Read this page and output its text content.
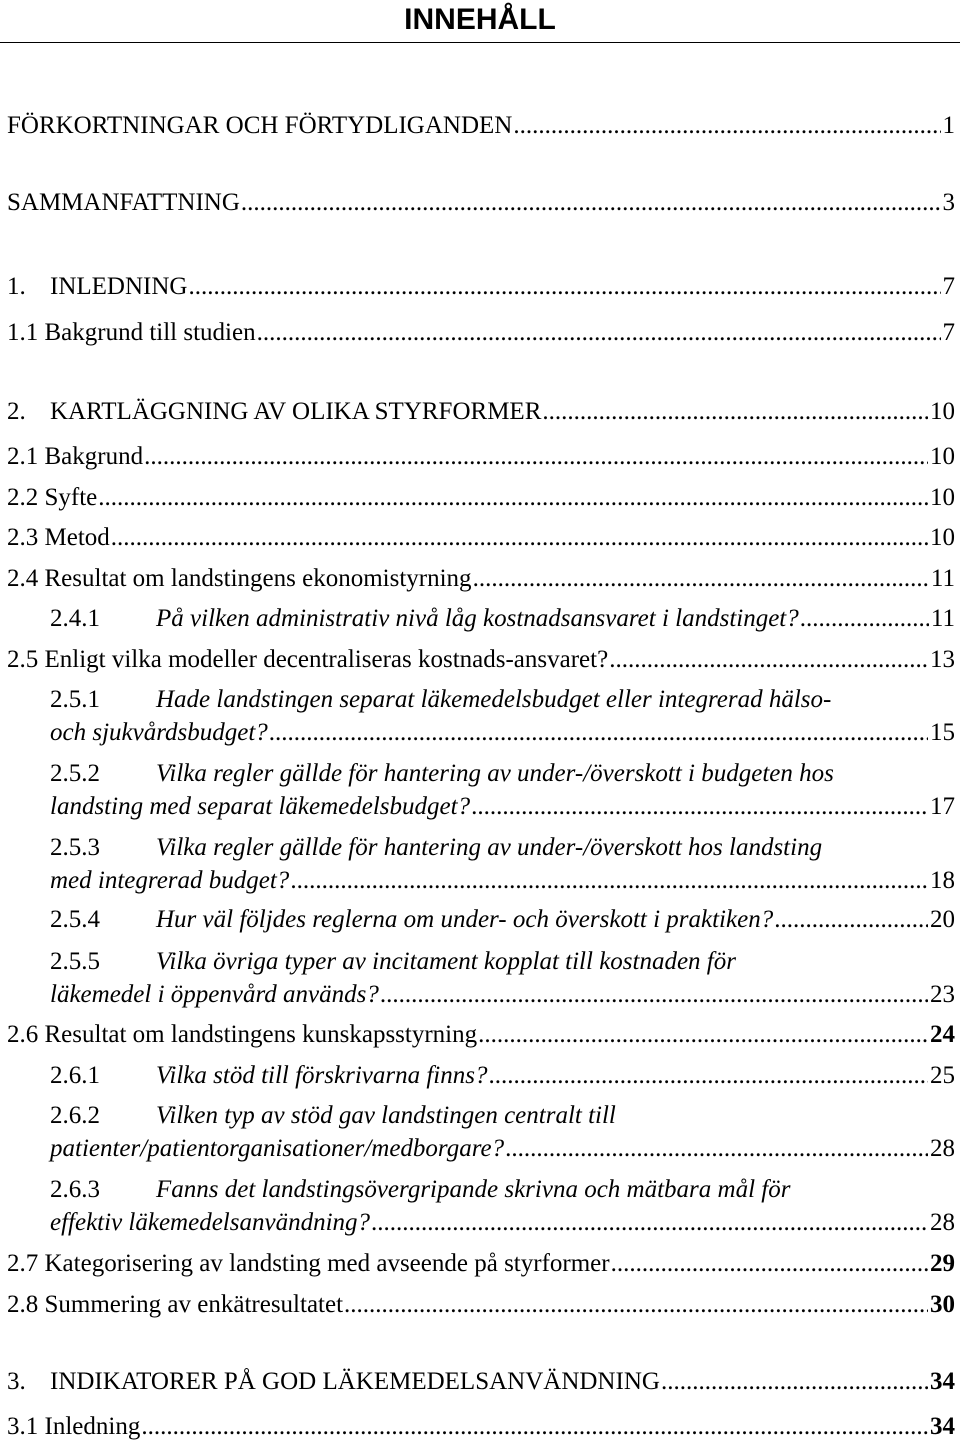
INNEHÅLL
FÖRKORTNINGAR OCH FÖRTYDLIGANDEN .....	1
SAMMANFATTNING .....	3
1. INLEDNING .....	7
1.1 Bakgrund till studien .....	7
2. KARTLÄGGNING AV OLIKA STYRFORMER .....	10
2.1 Bakgrund .....	10
2.2 Syfte .....	10
2.3 Metod .....	10
2.4 Resultat om landstingens ekonomistyrning .....	11
2.4.1	På vilken administrativ nivå låg kostnadsansvaret i landstinget? .....	11
2.5 Enligt vilka modeller decentraliseras kostnads-ansvaret? .....	13
2.5.1	Hade landstingen separat läkemedelsbudget eller integrerad hälso-
och sjukvårdsbudget? .....	15
2.5.2	Vilka regler gällde för hantering av under-/överskott i budgeten hos
landsting med separat läkemedelsbudget? .....	17
2.5.3	Vilka regler gällde för hantering av under-/överskott hos landsting
med integrerad budget? .....	18
2.5.4	Hur väl följdes reglerna om under- och överskott i praktiken? .....	20
2.5.5	Vilka övriga typer av incitament kopplat till kostnaden för
läkemedel i öppenvård används? .....	23
2.6 Resultat om landstingens kunskapsstyrning .....	24
2.6.1	Vilka stöd till förskrivarna finns? .....	25
2.6.2	Vilken typ av stöd gav landstingen centralt till
patienter/patientorganisationer/medborgare? .....	28
2.6.3	Fanns det landstingsövergripande skrivna och mätbara mål för
effektiv läkemedelsanvändning? .....	28
2.7 Kategorisering av landsting med avseende på styrformer .....	29
2.8 Summering av enkätresultatet .....	30
3. INDIKATORER PÅ GOD LÄKEMEDELSANVÄNDNING .....	34
3.1 Inledning .....	34
